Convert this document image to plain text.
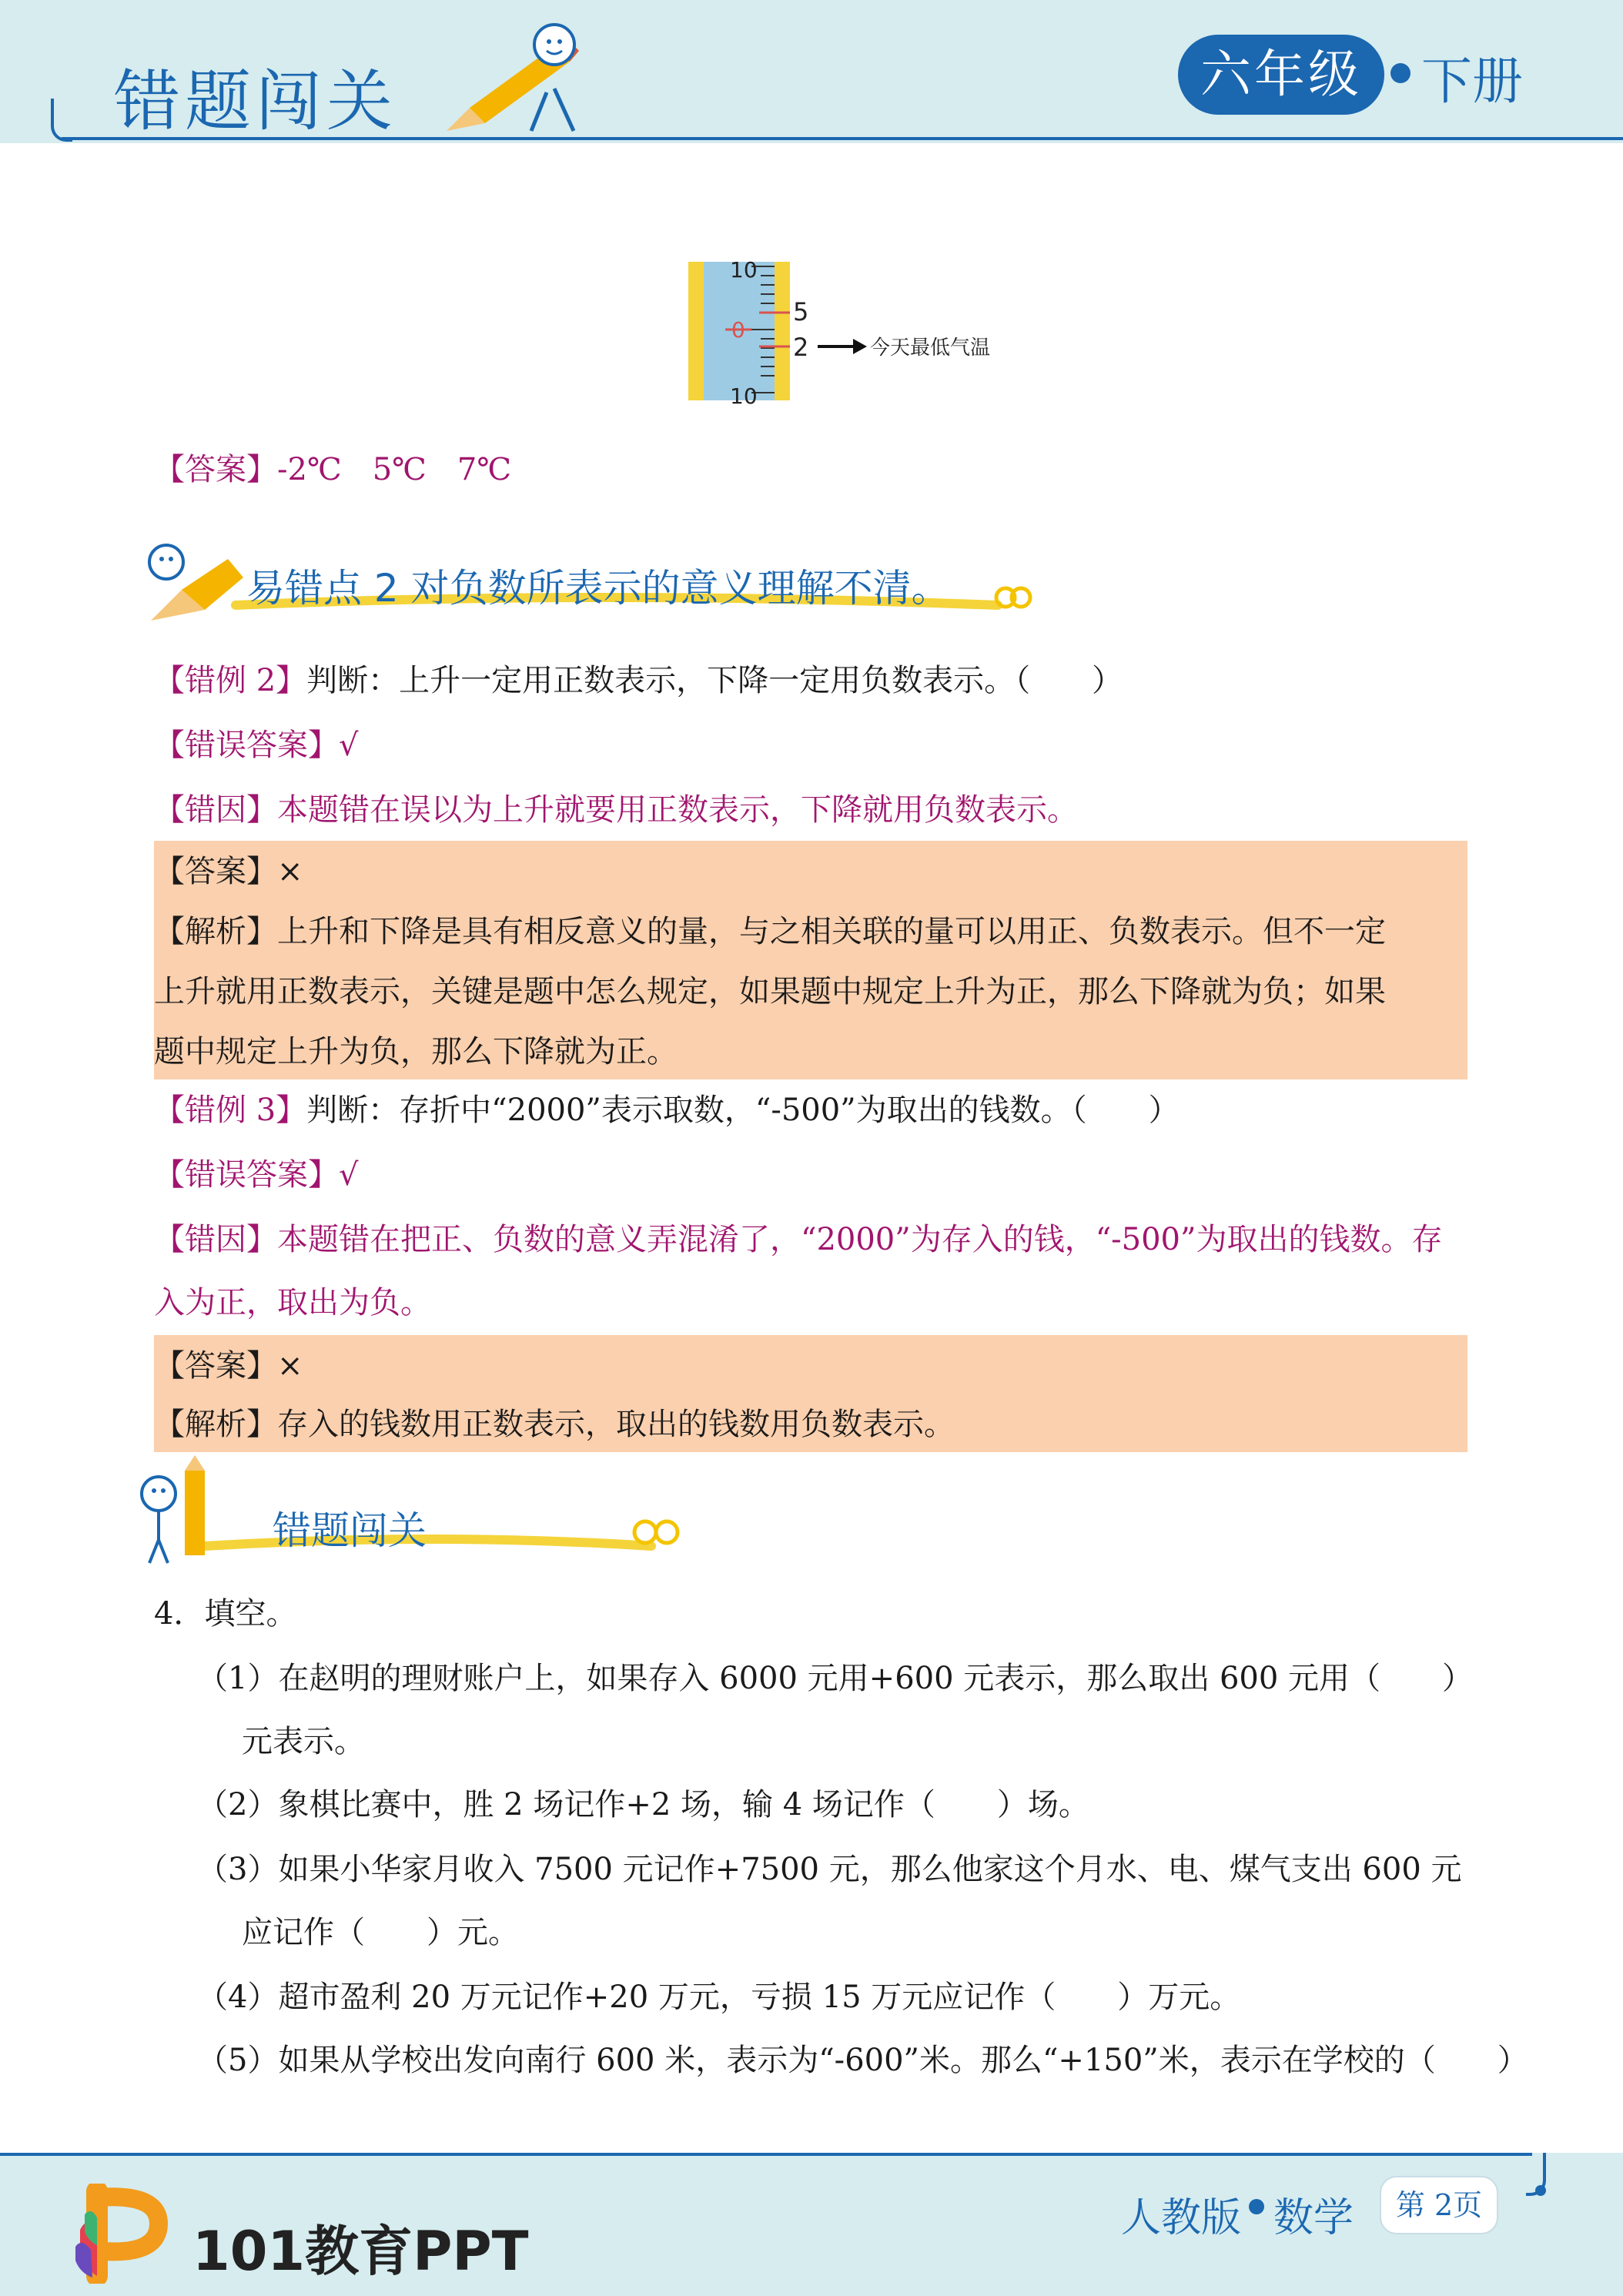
错题闯关	六年级	下册
10
0
10
5
2	今天最低气温
【答案】-2℃　5℃　7℃
易错点 2 对负数所表示的意义理解不清。
【错例 2】判断：上升一定用正数表示，下降一定用负数表示。（　　）
【错误答案】√
【错因】本题错在误以为上升就要用正数表示，下降就用负数表示。
【答案】×
【解析】上升和下降是具有相反意义的量，与之相关联的量可以用正、负数表示。但不一定
上升就用正数表示，关键是题中怎么规定，如果题中规定上升为正，那么下降就为负；如果
题中规定上升为负，那么下降就为正。
【错例 3】判断：存折中“2000”表示取数，“-500”为取出的钱数。（　　）
【错误答案】√
【错因】本题错在把正、负数的意义弄混淆了，“2000”为存入的钱，“-500”为取出的钱数。存
入为正，取出为负。
【答案】×
【解析】存入的钱数用正数表示，取出的钱数用负数表示。
错题闯关
4．填空。
（1）在赵明的理财账户上，如果存入 6000 元用+600 元表示，那么取出 600 元用（　　）
元表示。
（2）象棋比赛中，胜 2 场记作+2 场，输 4 场记作（　　）场。
（3）如果小华家月收入 7500 元记作+7500 元，那么他家这个月水、电、煤气支出 600 元
应记作（　　）元。
（4）超市盈利 20 万元记作+20 万元，亏损 15 万元应记作（　　）万元。
（5）如果从学校出发向南行 600 米，表示为“-600”米。那么“+150”米，表示在学校的（　　）
101教育PPT
人教版 数学	第 2页
